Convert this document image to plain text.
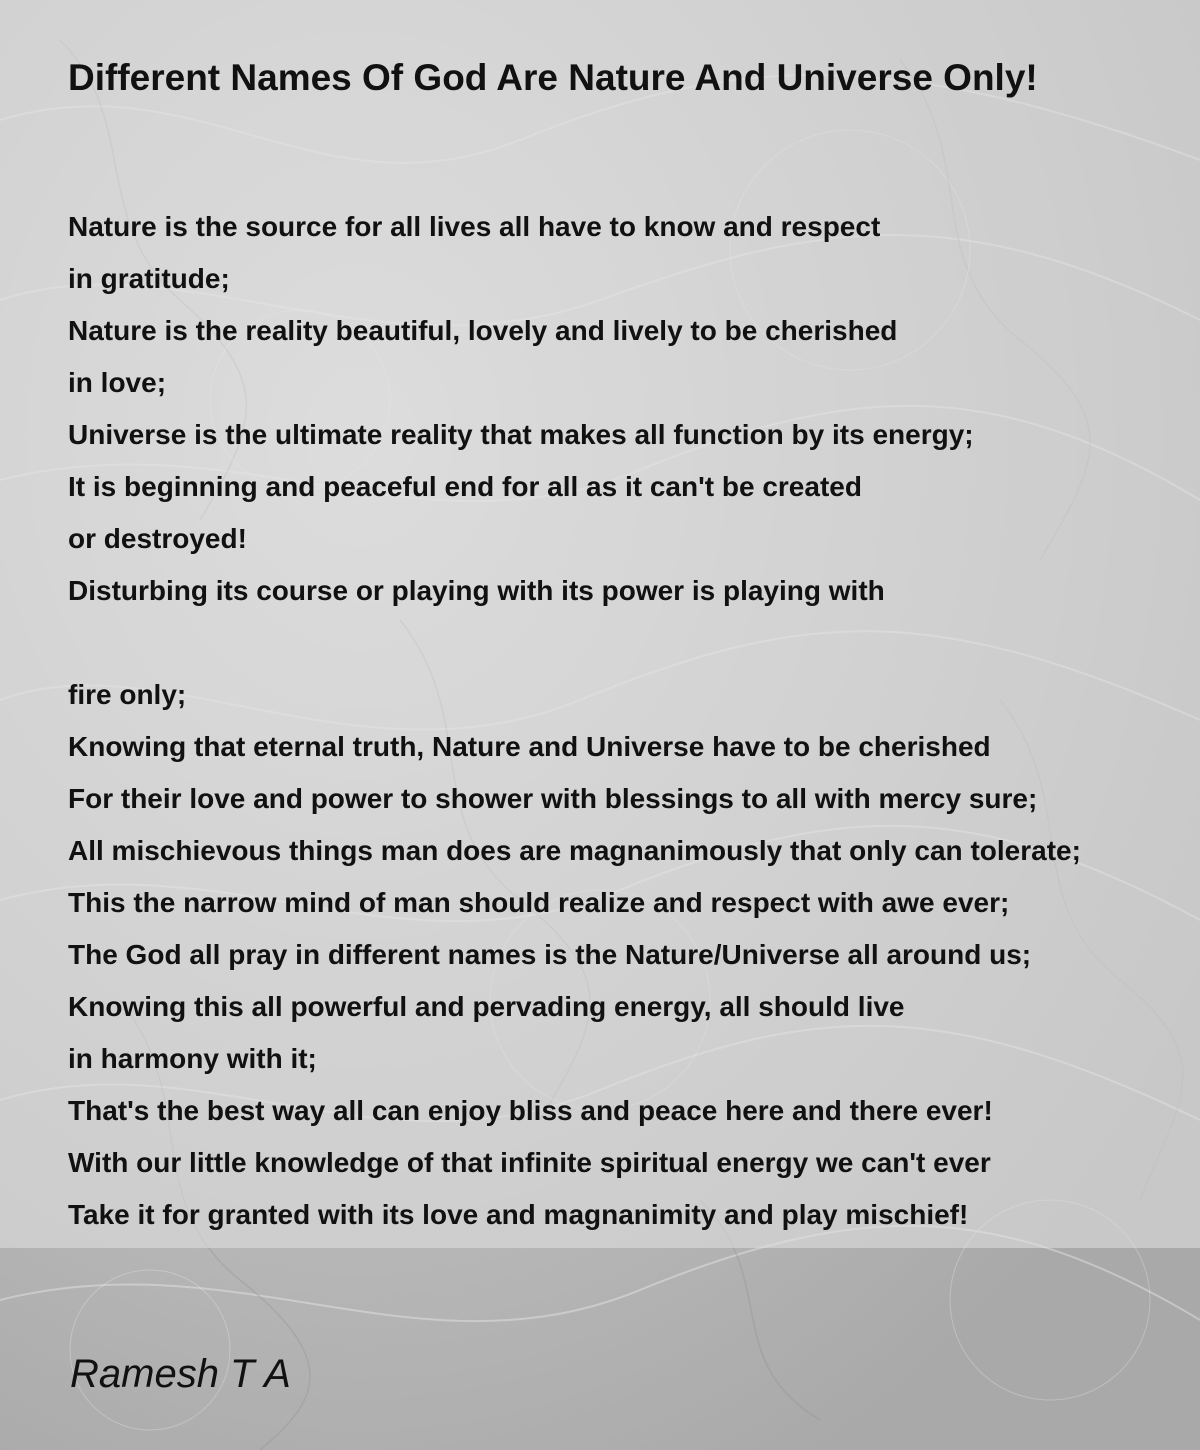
Different Names Of God Are Nature And Universe Only!
Nature is the source for all lives all have to know and respect
in gratitude;
Nature is the reality beautiful, lovely and lively to be cherished
in love;
Universe is the ultimate reality that makes all function by its energy;
It is beginning and peaceful end for all as it can't be created
or destroyed!
Disturbing its course or playing with its power is playing with
fire only;
Knowing that eternal truth, Nature and Universe have to be cherished
For their love and power to shower with blessings to all with mercy sure;
All mischievous things man does are magnanimously that only can tolerate;
This the narrow mind of man should realize and respect with awe ever;
The God all pray in different names is the Nature/Universe all around us;
Knowing this all powerful and pervading energy, all should live
in harmony with it;
That's the best way all can enjoy bliss and peace here and there ever!
With our little knowledge of that infinite spiritual energy we can't ever
Take it for granted with its love and magnanimity and play mischief!

Ramesh T A
